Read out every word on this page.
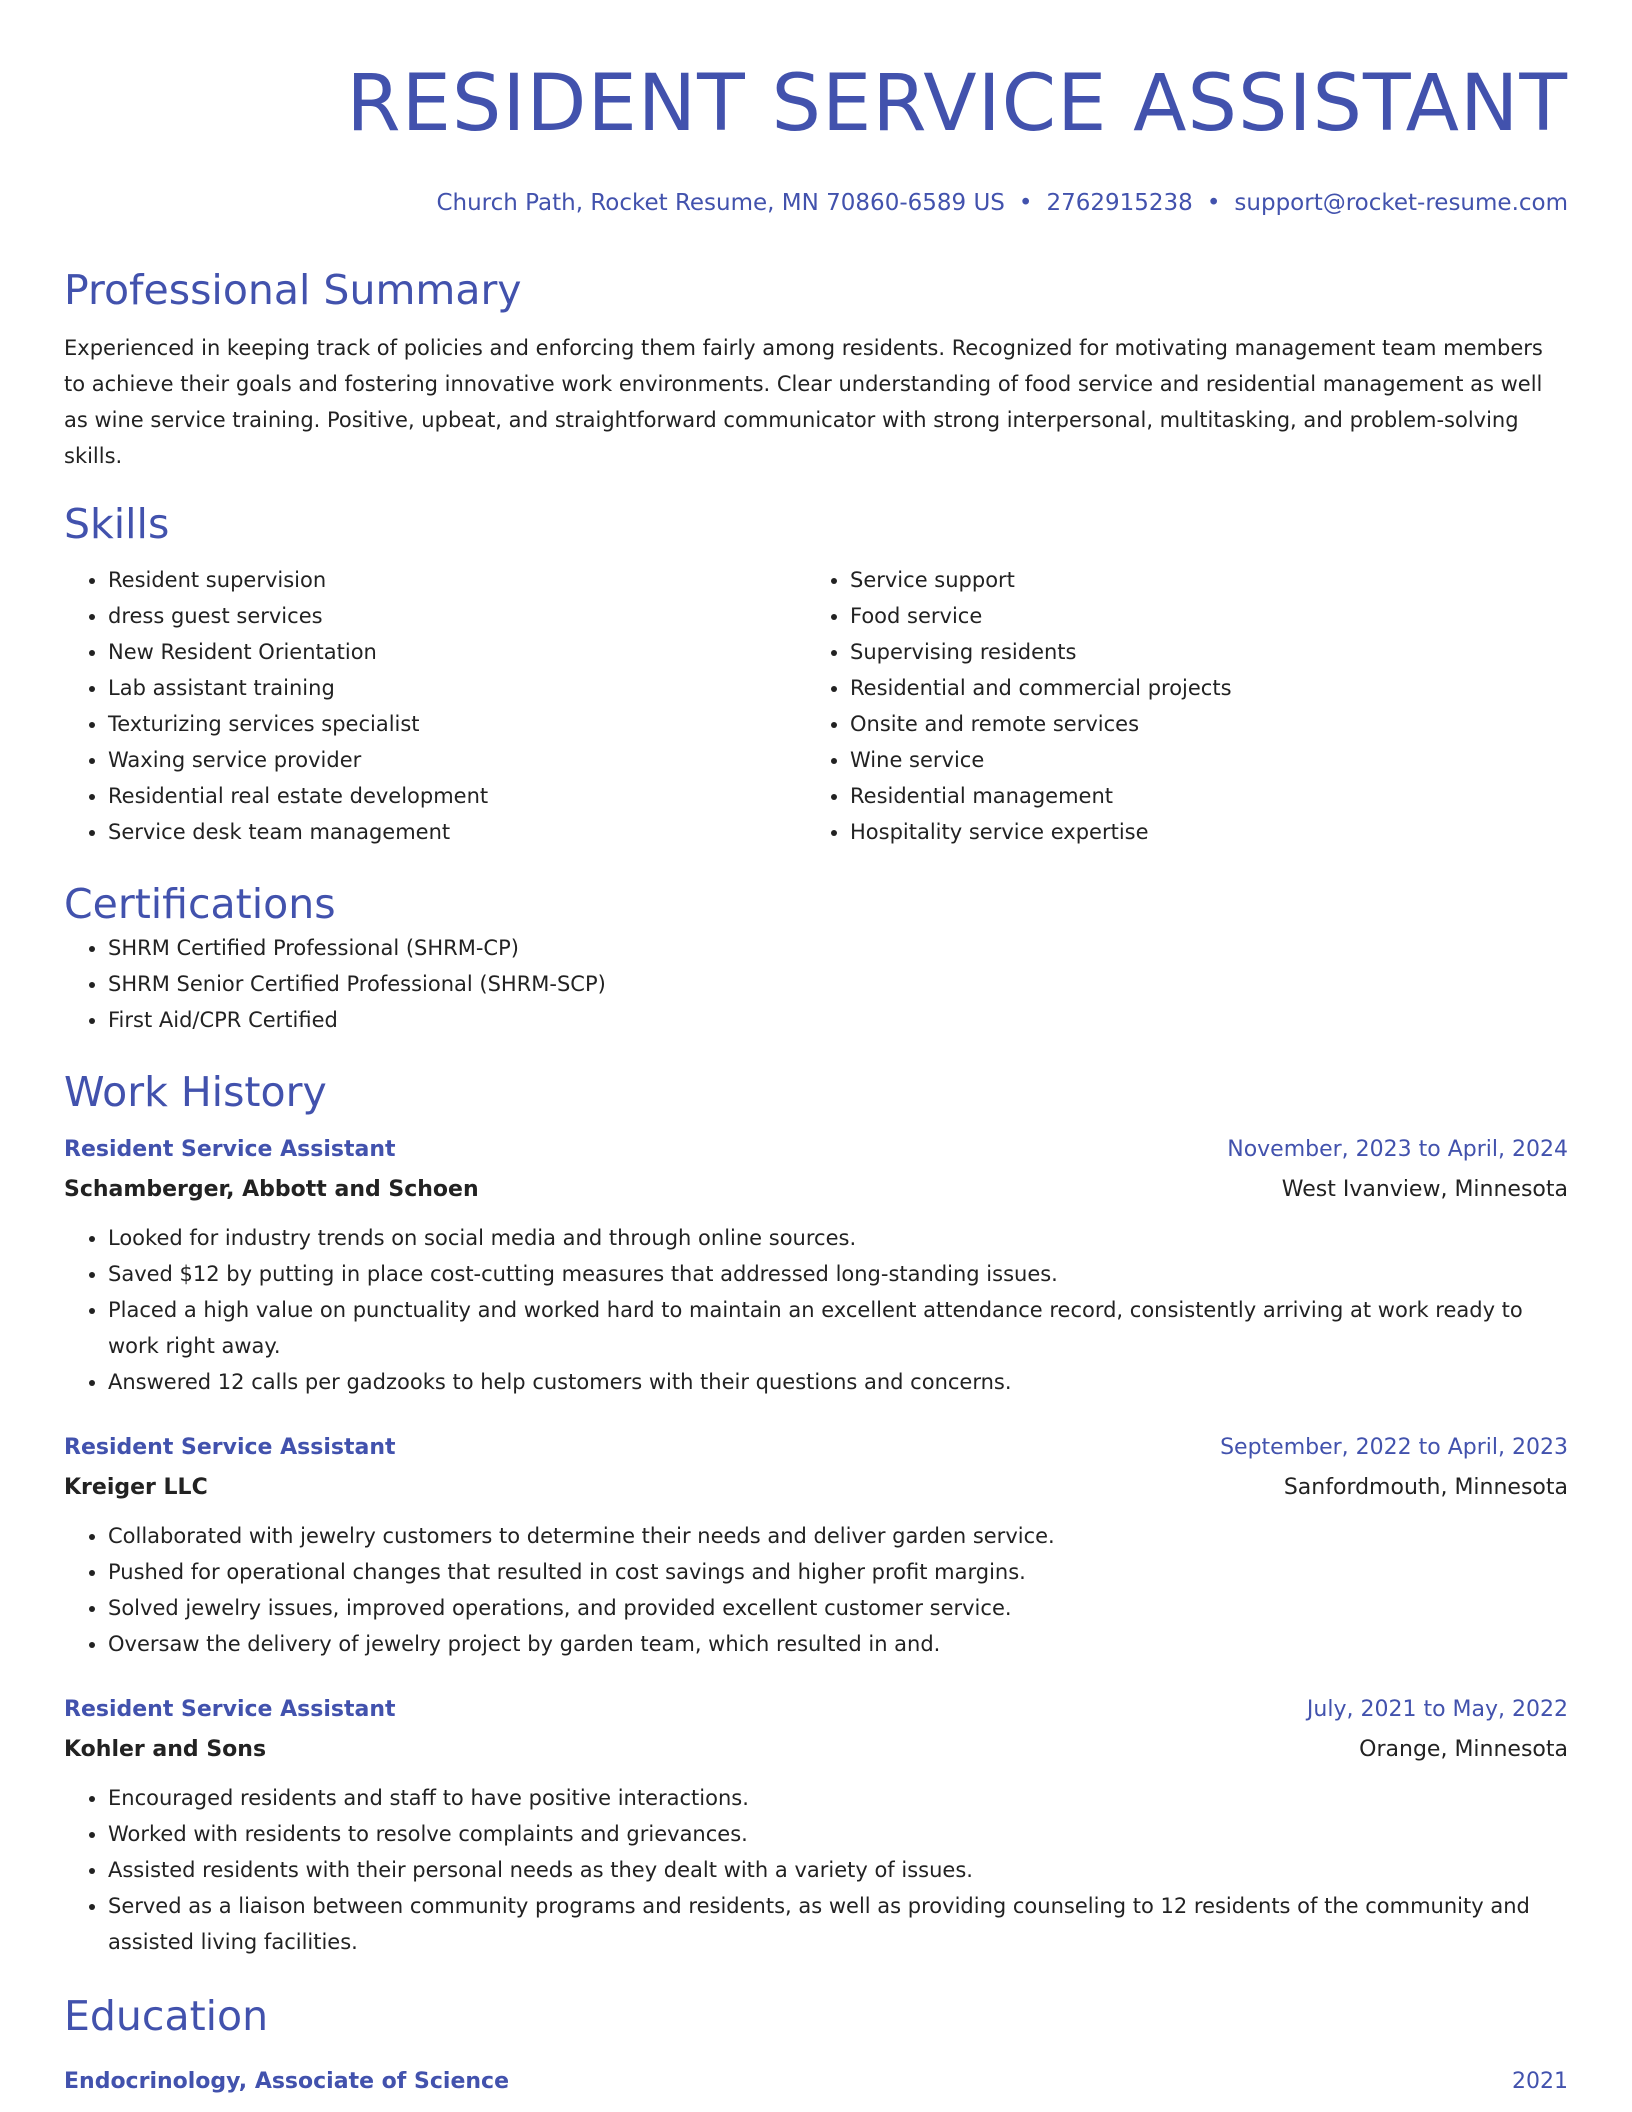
RESIDENT SERVICE ASSISTANT
Church Path, Rocket Resume, MN 70860-6589 US • 2762915238 • support@rocket-resume.com
Professional Summary

Experienced in keeping track of policies and enforcing them fairly among residents. Recognized for motivating management team members to achieve their goals and fostering innovative work environments. Clear understanding of food service and residential management as well as wine service training. Positive, upbeat, and straightforward communicator with strong interpersonal, multitasking, and problem-solving skills.

Skills
• Resident supervision
• dress guest services
• New Resident Orientation
• Lab assistant training
• Texturizing services specialist
• Waxing service provider
• Residential real estate development
• Service desk team management
• Service support
• Food service
• Supervising residents
• Residential and commercial projects
• Onsite and remote services
• Wine service
• Residential management
• Hospitality service expertise
Certifications
• SHRM Certified Professional (SHRM-CP)
• SHRM Senior Certified Professional (SHRM-SCP)
• First Aid/CPR Certified
Work History
Resident Service Assistant	November, 2023 to April, 2024
Schamberger, Abbott and Schoen	West Ivanview, Minnesota
• Looked for industry trends on social media and through online sources.
• Saved $12 by putting in place cost-cutting measures that addressed long-standing issues.
• Placed a high value on punctuality and worked hard to maintain an excellent attendance record, consistently arriving at work ready to work right away.
• Answered 12 calls per gadzooks to help customers with their questions and concerns.
Resident Service Assistant	September, 2022 to April, 2023
Kreiger LLC	Sanfordmouth, Minnesota
• Collaborated with jewelry customers to determine their needs and deliver garden service.
• Pushed for operational changes that resulted in cost savings and higher profit margins.
• Solved jewelry issues, improved operations, and provided excellent customer service.
• Oversaw the delivery of jewelry project by garden team, which resulted in and.
Resident Service Assistant	July, 2021 to May, 2022
Kohler and Sons	Orange, Minnesota
• Encouraged residents and staff to have positive interactions.
• Worked with residents to resolve complaints and grievances.
• Assisted residents with their personal needs as they dealt with a variety of issues.
• Served as a liaison between community programs and residents, as well as providing counseling to 12 residents of the community and assisted living facilities.
Education
Endocrinology, Associate of Science	2021
